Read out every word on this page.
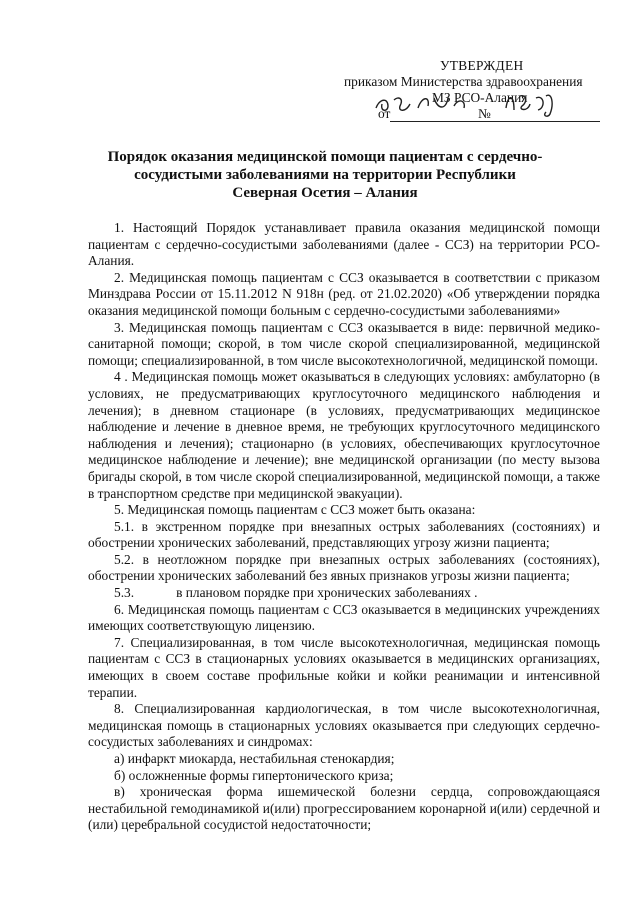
УТВЕРЖДЕН
приказом Министерства здравоохранения
МЗ РСО-Алания
от	№
Порядок оказания медицинской помощи пациентам с сердечно-сосудистыми заболеваниями на территории Республики Северная Осетия – Алания

1. Настоящий Порядок устанавливает правила оказания медицинской помощи пациентам с сердечно-сосудистыми заболеваниями (далее - ССЗ) на территории РСО-Алания.

2. Медицинская помощь пациентам с ССЗ оказывается в соответствии с приказом Минздрава России от 15.11.2012 N 918н (ред. от 21.02.2020) «Об утверждении порядка оказания медицинской помощи больным с сердечно-сосудистыми заболеваниями»

3. Медицинская помощь пациентам с ССЗ оказывается в виде: первичной медико-санитарной помощи; скорой, в том числе скорой специализированной, медицинской помощи; специализированной, в том числе высокотехнологичной, медицинской помощи.

4 . Медицинская помощь может оказываться в следующих условиях: амбулаторно (в условиях, не предусматривающих круглосуточного медицинского наблюдения и лечения); в дневном стационаре (в условиях, предусматривающих медицинское наблюдение и лечение в дневное время, не требующих круглосуточного медицинского наблюдения и лечения); стационарно (в условиях, обеспечивающих круглосуточное медицинское наблюдение и лечение); вне медицинской организации (по месту вызова бригады скорой, в том числе скорой специализированной, медицинской помощи, а также в транспортном средстве при медицинской эвакуации).

5. Медицинская помощь пациентам с ССЗ может быть оказана:

5.1. в экстренном порядке при внезапных острых заболеваниях (состояниях) и обострении хронических заболеваний, представляющих угрозу жизни пациента;

5.2. в неотложном порядке при внезапных острых заболеваниях (состояниях), обострении хронических заболеваний без явных признаков угрозы жизни пациента;

5.3.	в плановом порядке при хронических заболеваниях .

6. Медицинская помощь пациентам с ССЗ оказывается в медицинских учреждениях имеющих соответствующую лицензию.

7. Специализированная, в том числе высокотехнологичная, медицинская помощь пациентам с ССЗ в стационарных условиях оказывается в медицинских организациях, имеющих в своем составе профильные койки и койки реанимации и интенсивной терапии.

8. Специализированная кардиологическая, в том числе высокотехнологичная, медицинская помощь в стационарных условиях оказывается при следующих сердечно-сосудистых заболеваниях и синдромах:

а) инфаркт миокарда, нестабильная стенокардия;

б) осложненные формы гипертонического криза;

в) хроническая форма ишемической болезни сердца, сопровождающаяся нестабильной гемодинамикой и(или) прогрессированием коронарной и(или) сердечной и (или) церебральной сосудистой недостаточности;
